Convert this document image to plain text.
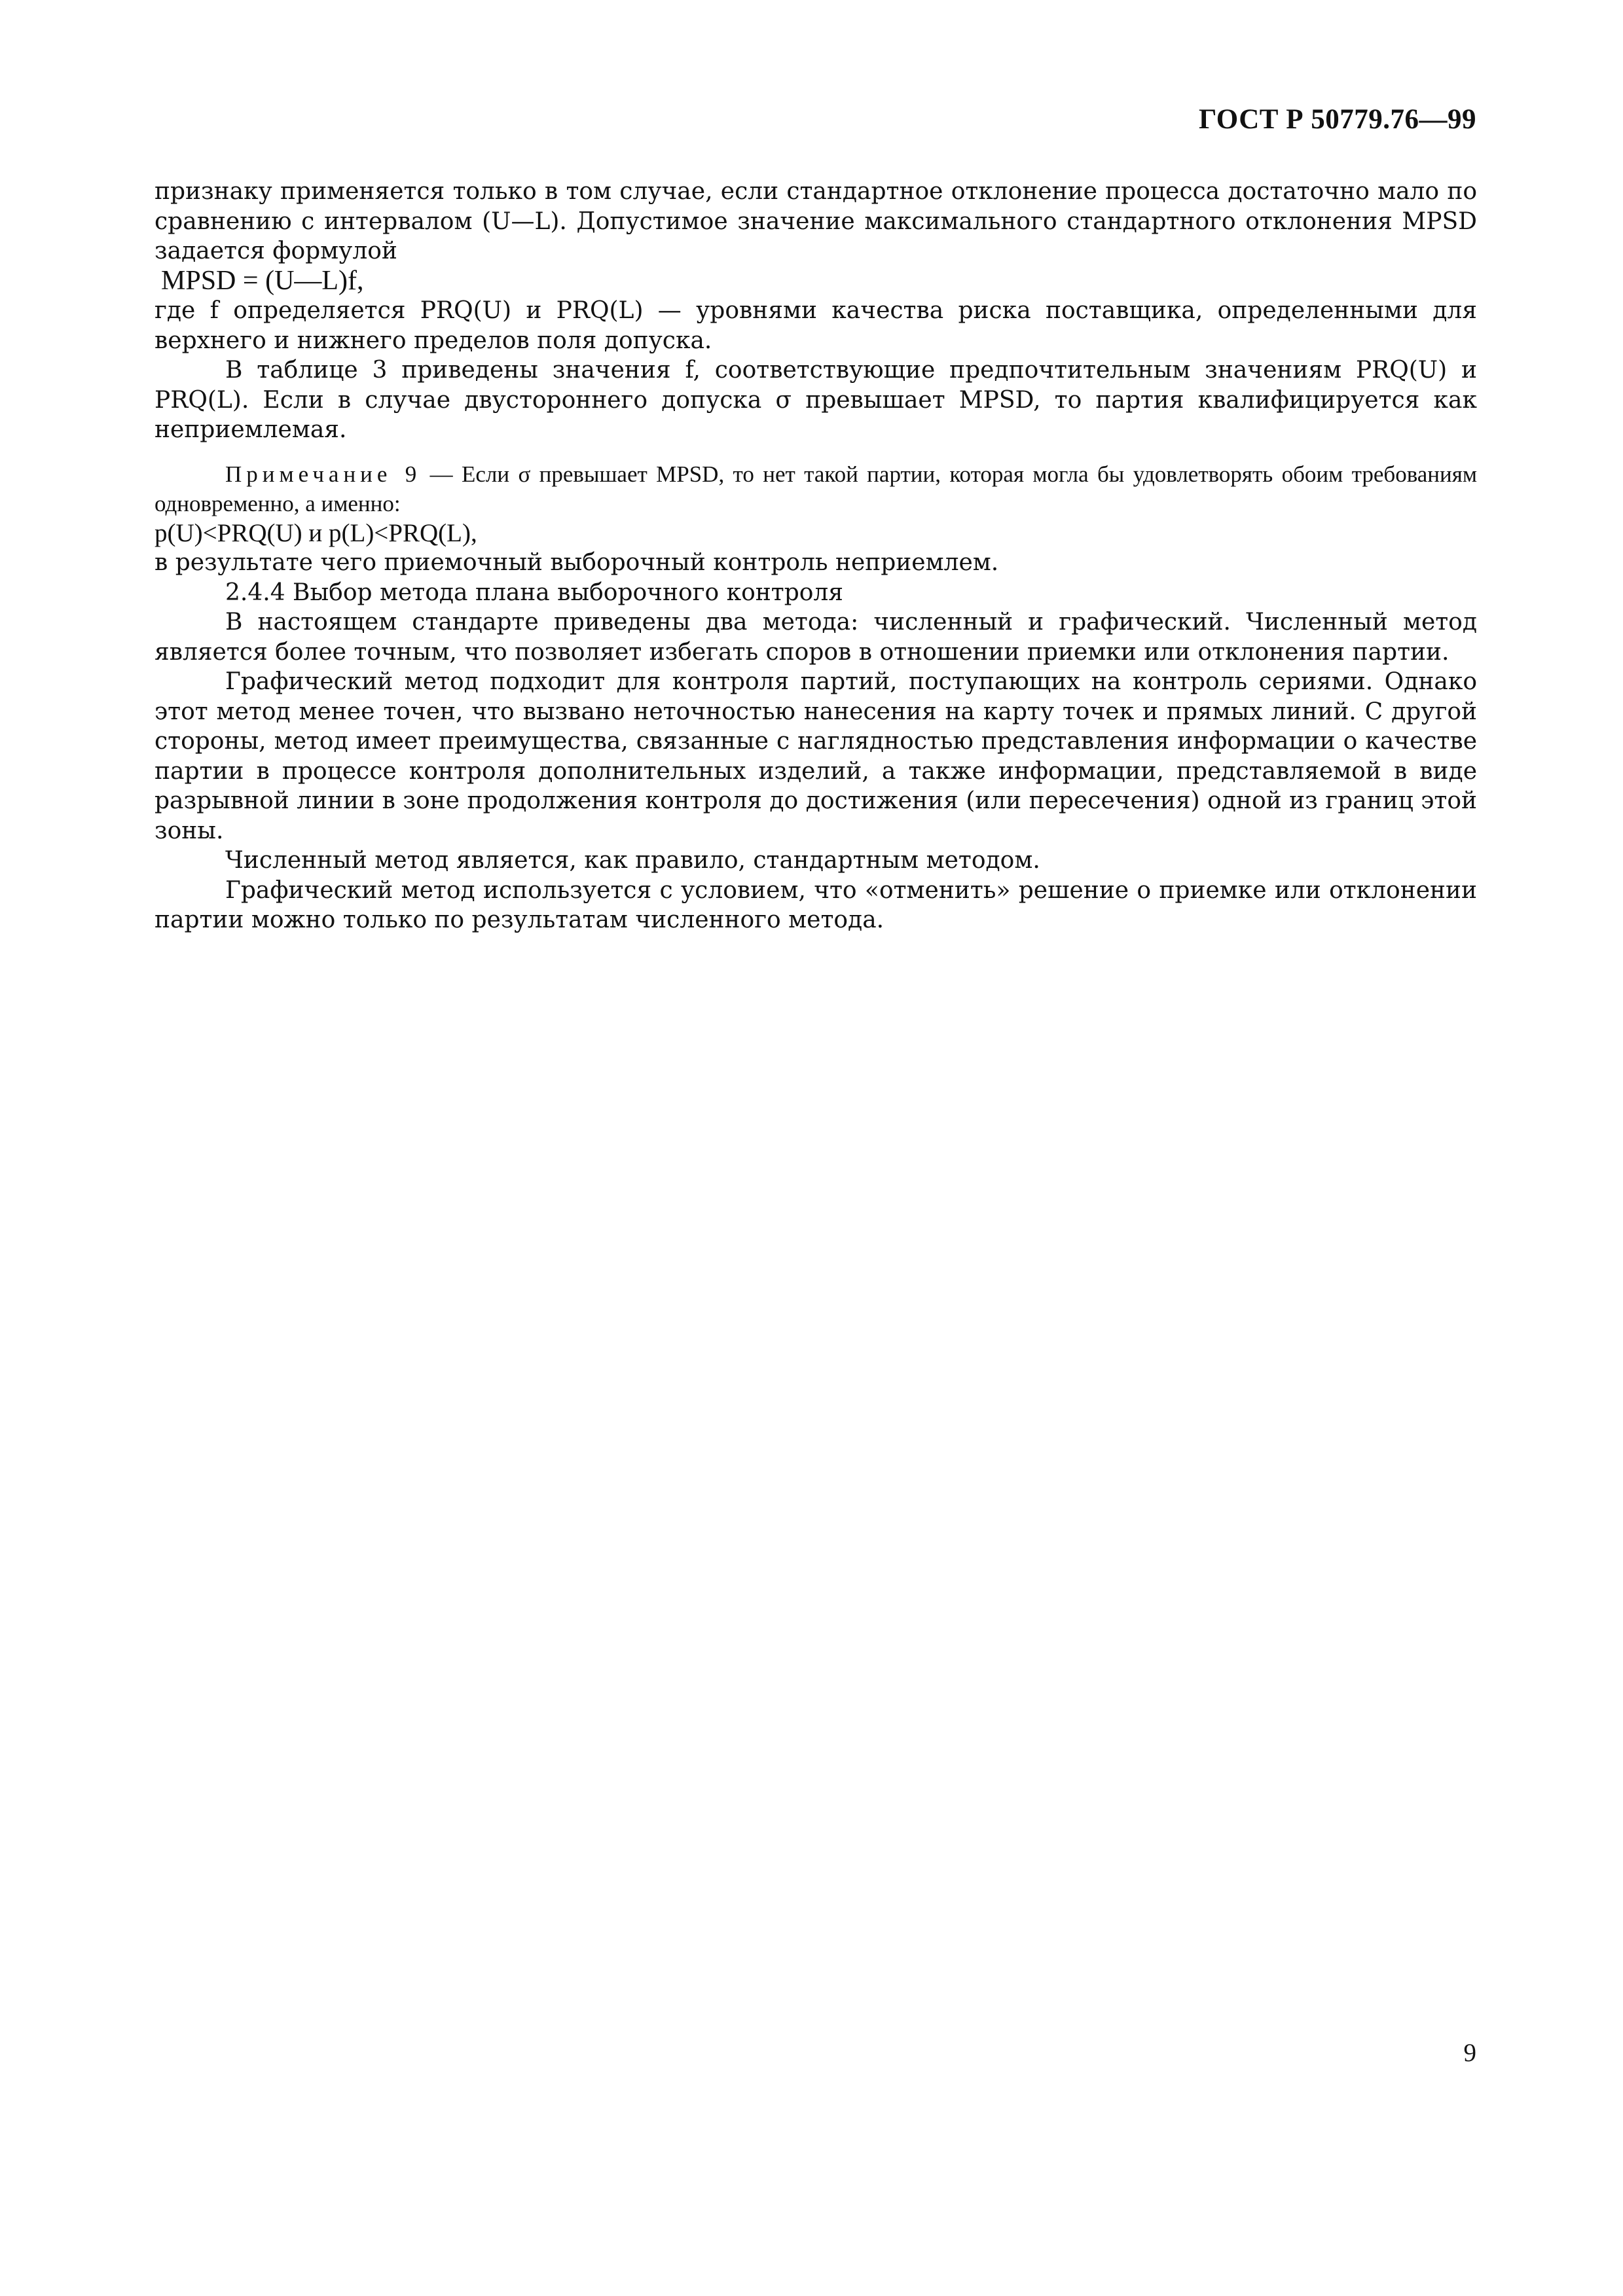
ГОСТ Р 50779.76—99

признаку применяется только в том случае, если стандартное отклонение процесса достаточно мало по сравнению с интервалом (U—L). Допустимое значение максимального стандартного отклонения MPSD задается формулой

MPSD = (U—L)f,

где f определяется PRQ(U) и PRQ(L) — уровнями качества риска поставщика, определенными для верхнего и нижнего пределов поля допуска.

В таблице 3 приведены значения f, соответствующие предпочтительным значениям PRQ(U) и PRQ(L). Если в случае двустороннего допуска σ превышает MPSD, то партия квалифицируется как неприемлемая.

Примечание 9 — Если σ превышает MPSD, то нет такой партии, которая могла бы удовлетворять обоим требованиям одновременно, а именно:

p(U)<PRQ(U) и p(L)<PRQ(L),

в результате чего приемочный выборочный контроль неприемлем.

2.4.4 Выбор метода плана выборочного контроля

В настоящем стандарте приведены два метода: численный и графический. Численный метод является более точным, что позволяет избегать споров в отношении приемки или отклонения партии.

Графический метод подходит для контроля партий, поступающих на контроль сериями. Однако этот метод менее точен, что вызвано неточностью нанесения на карту точек и прямых линий. С другой стороны, метод имеет преимущества, связанные с наглядностью представления информации о качестве партии в процессе контроля дополнительных изделий, а также информации, представляемой в виде разрывной линии в зоне продолжения контроля до достижения (или пересечения) одной из границ этой зоны.

Численный метод является, как правило, стандартным методом.

Графический метод используется с условием, что «отменить» решение о приемке или отклонении партии можно только по результатам численного метода.

9
